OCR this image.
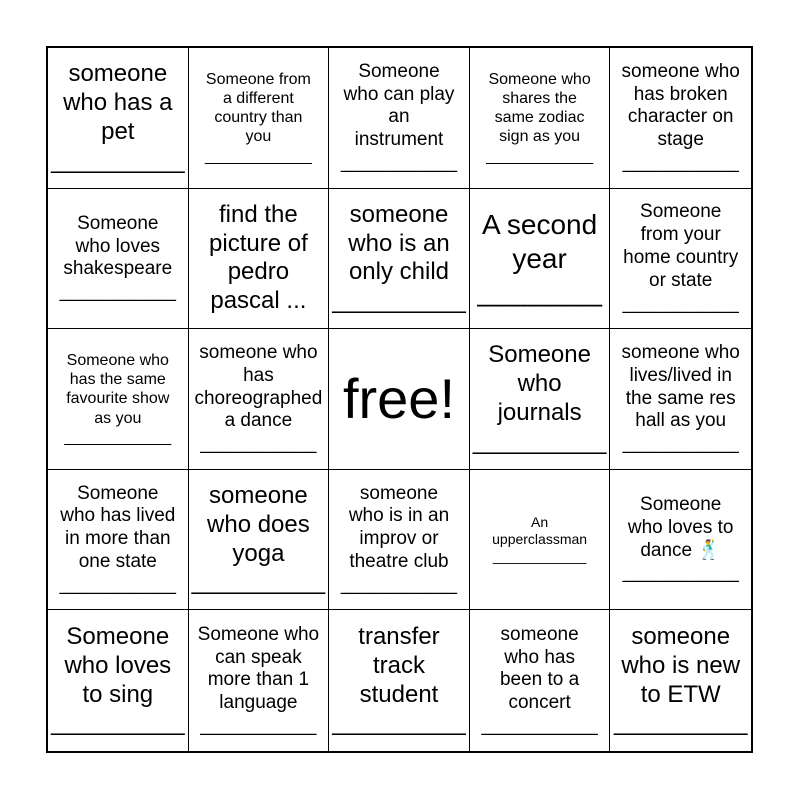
someone
who has a
pet
__________
Someone from
a different
country than
you
____________
Someone
who can play
an
instrument
___________
Someone who
shares the
same zodiac
sign as you
____________
someone who
has broken
character on
stage
___________
Someone
who loves
shakespeare
___________
find the
picture of
pedro
pascal ...
someone
who is an
only child
__________
A second
year
________
Someone
from your
home country
or state
___________
Someone who
has the same
favourite show
as you
____________
someone who
has
choreographed
a dance
___________
free!
Someone
who
journals
__________
someone who
lives/lived in
the same res
hall as you
___________
Someone
who has lived
in more than
one state
___________
someone
who does
yoga
__________
someone
who is in an
improv or
theatre club
___________
An
upperclassman
____________
Someone
who loves to
dance 🕺
___________
Someone
who loves
to sing
__________
Someone who
can speak
more than 1
language
___________
transfer
track
student
__________
someone
who has
been to a
concert
___________
someone
who is new
to ETW
__________
